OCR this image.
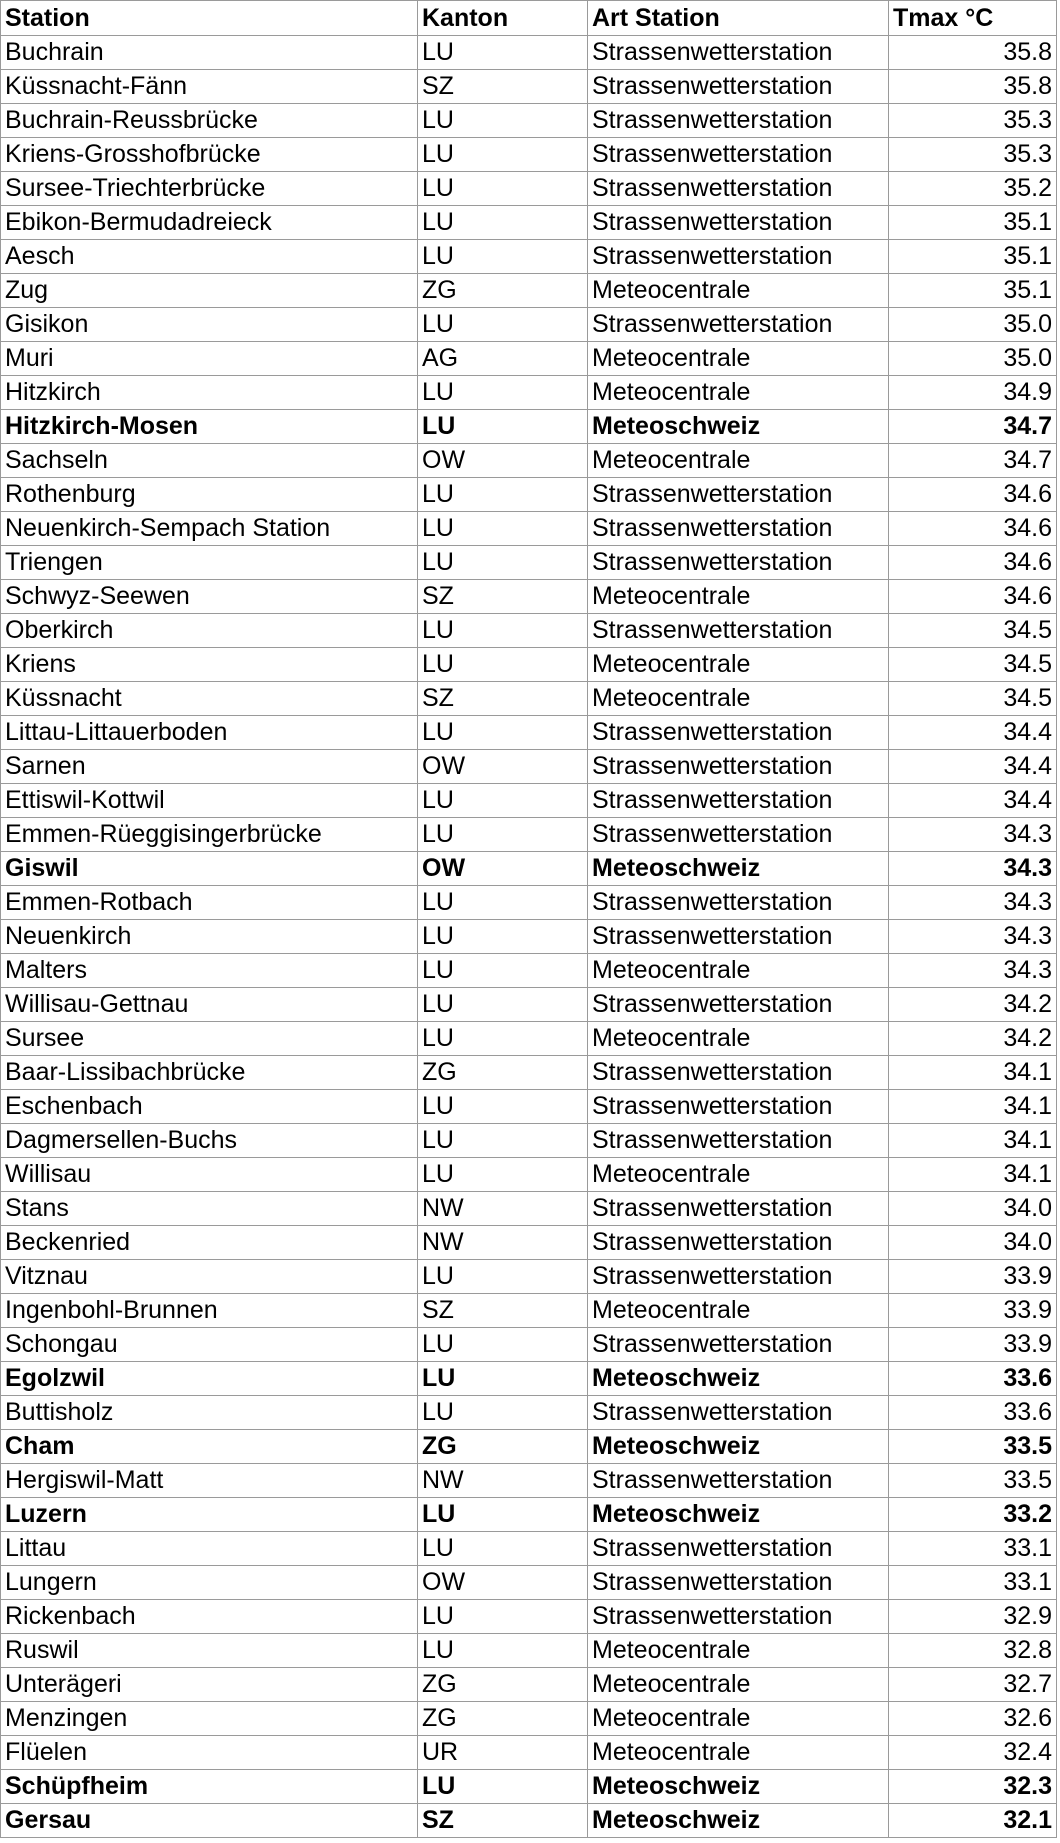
Station	Kanton	Art Station	Tmax °C
Buchrain	LU	Strassenwetterstation	35.8
Küssnacht-Fänn	SZ	Strassenwetterstation	35.8
Buchrain-Reussbrücke	LU	Strassenwetterstation	35.3
Kriens-Grosshofbrücke	LU	Strassenwetterstation	35.3
Sursee-Triechterbrücke	LU	Strassenwetterstation	35.2
Ebikon-Bermudadreieck	LU	Strassenwetterstation	35.1
Aesch	LU	Strassenwetterstation	35.1
Zug	ZG	Meteocentrale	35.1
Gisikon	LU	Strassenwetterstation	35.0
Muri	AG	Meteocentrale	35.0
Hitzkirch	LU	Meteocentrale	34.9
Hitzkirch-Mosen	LU	Meteoschweiz	34.7
Sachseln	OW	Meteocentrale	34.7
Rothenburg	LU	Strassenwetterstation	34.6
Neuenkirch-Sempach Station	LU	Strassenwetterstation	34.6
Triengen	LU	Strassenwetterstation	34.6
Schwyz-Seewen	SZ	Meteocentrale	34.6
Oberkirch	LU	Strassenwetterstation	34.5
Kriens	LU	Meteocentrale	34.5
Küssnacht	SZ	Meteocentrale	34.5
Littau-Littauerboden	LU	Strassenwetterstation	34.4
Sarnen	OW	Strassenwetterstation	34.4
Ettiswil-Kottwil	LU	Strassenwetterstation	34.4
Emmen-Rüeggisingerbrücke	LU	Strassenwetterstation	34.3
Giswil	OW	Meteoschweiz	34.3
Emmen-Rotbach	LU	Strassenwetterstation	34.3
Neuenkirch	LU	Strassenwetterstation	34.3
Malters	LU	Meteocentrale	34.3
Willisau-Gettnau	LU	Strassenwetterstation	34.2
Sursee	LU	Meteocentrale	34.2
Baar-Lissibachbrücke	ZG	Strassenwetterstation	34.1
Eschenbach	LU	Strassenwetterstation	34.1
Dagmersellen-Buchs	LU	Strassenwetterstation	34.1
Willisau	LU	Meteocentrale	34.1
Stans	NW	Strassenwetterstation	34.0
Beckenried	NW	Strassenwetterstation	34.0
Vitznau	LU	Strassenwetterstation	33.9
Ingenbohl-Brunnen	SZ	Meteocentrale	33.9
Schongau	LU	Strassenwetterstation	33.9
Egolzwil	LU	Meteoschweiz	33.6
Buttisholz	LU	Strassenwetterstation	33.6
Cham	ZG	Meteoschweiz	33.5
Hergiswil-Matt	NW	Strassenwetterstation	33.5
Luzern	LU	Meteoschweiz	33.2
Littau	LU	Strassenwetterstation	33.1
Lungern	OW	Strassenwetterstation	33.1
Rickenbach	LU	Strassenwetterstation	32.9
Ruswil	LU	Meteocentrale	32.8
Unterägeri	ZG	Meteocentrale	32.7
Menzingen	ZG	Meteocentrale	32.6
Flüelen	UR	Meteocentrale	32.4
Schüpfheim	LU	Meteoschweiz	32.3
Gersau	SZ	Meteoschweiz	32.1
